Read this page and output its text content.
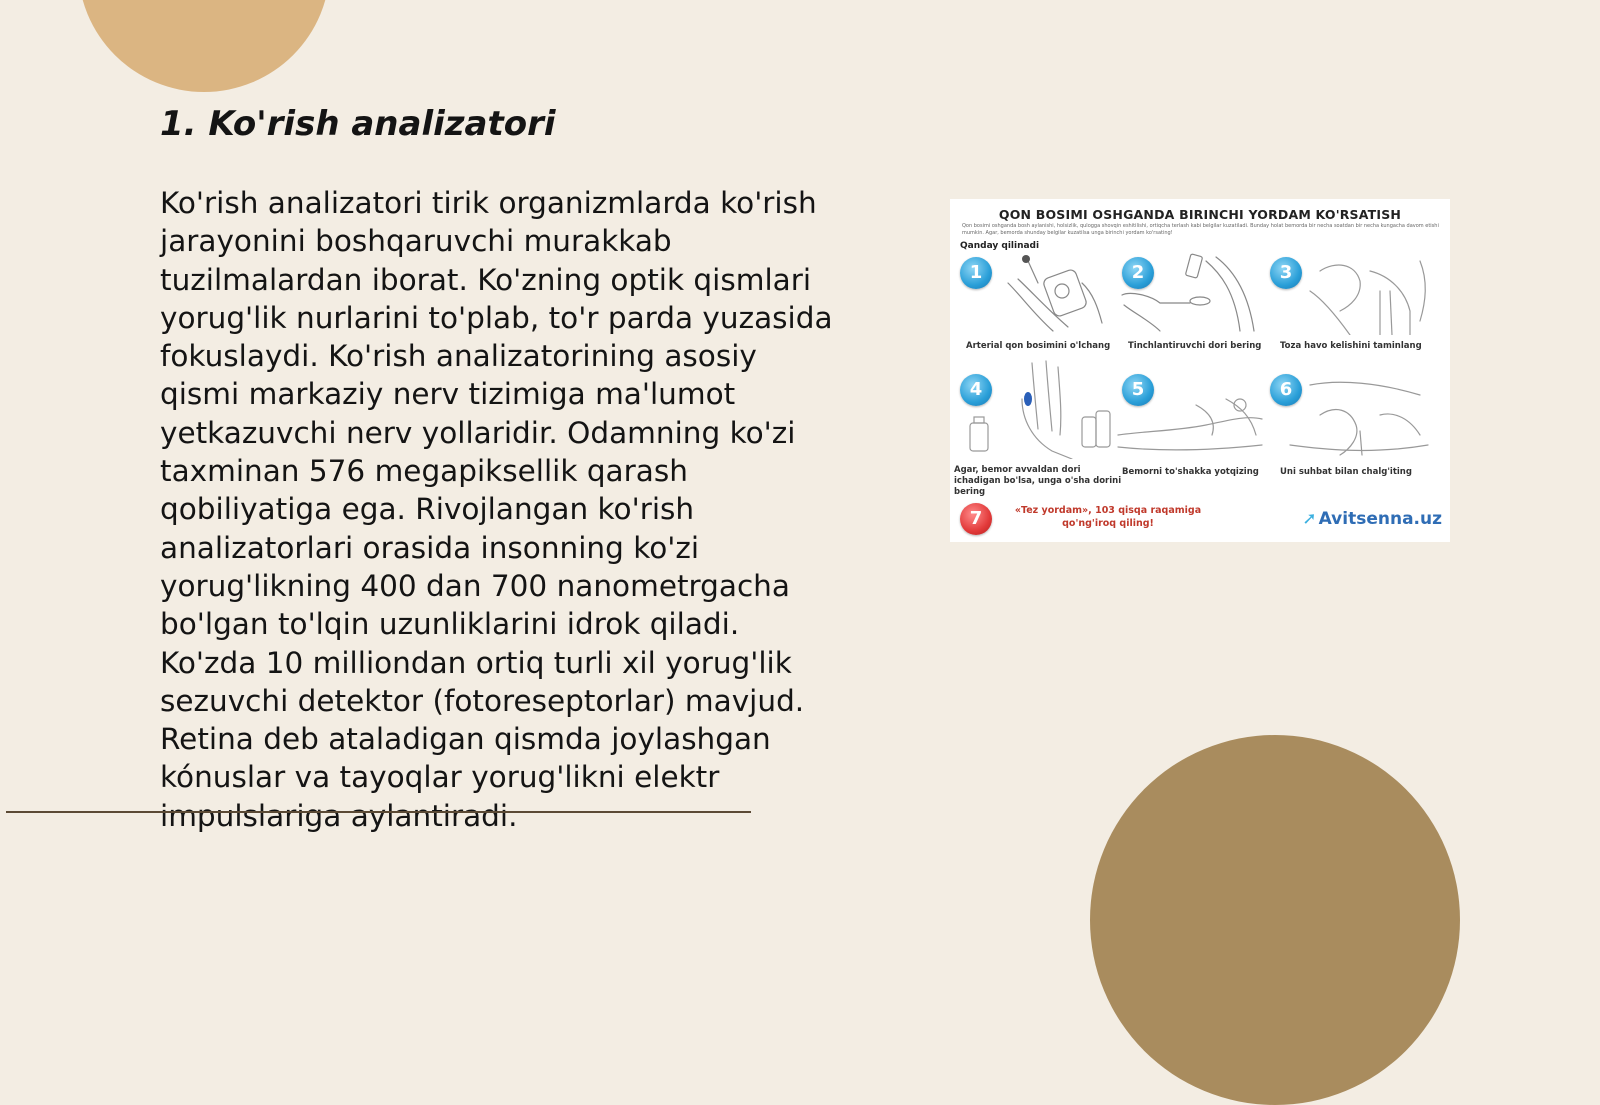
1. Ko'rish analizatori

Ko'rish analizatori tirik organizmlarda ko'rish
jarayonini boshqaruvchi murakkab
tuzilmalardan iborat. Ko'zning optik qismlari
yorug'lik nurlarini to'plab, to'r parda yuzasida
fokuslaydi. Ko'rish analizatorining asosiy
qismi markaziy nerv tizimiga ma'lumot
yetkazuvchi nerv yollaridir. Odamning ko'zi
taxminan 576 megapiksellik qarash
qobiliyatiga ega. Rivojlangan ko'rish
analizatorlari orasida insonning ko'zi
yorug'likning 400 dan 700 nanometrgacha
bo'lgan to'lqin uzunliklarini idrok qiladi.
Ko'zda 10 milliondan ortiq turli xil yorug'lik
sezuvchi detektor (fotoreseptorlar) mavjud.
Retina deb ataladigan qismda joylashgan
kónuslar va tayoqlar yorug'likni elektr
impulslariga aylantiradi.

QON BOSIMI OSHGANDA BIRINCHI YORDAM KO'RSATISH
Qon bosimi oshganda bosh aylanishi, holsizlik, qulogga shovqin eshitilishi, ortiqcha terlash kabi belgilar kuzatiladi. Bunday holat bemorda bir necha soatdan bir necha kungacha davom etishi mumkin. Agar, bemorda shunday belgilar kuzatilsa unga birinchi yordam ko'rsating!
Qanday qilinadi
1
Arterial qon bosimini o'lchang
2
Tinchlantiruvchi dori bering
3
Toza havo kelishini taminlang
4
Agar, bemor avvaldan dori ichadigan bo'lsa, unga o'sha dorini bering
5
Bemorni to'shakka yotqizing
6
Uni suhbat bilan chalg'iting
7	«Tez yordam», 103 qisqa raqamiga qo'ng'iroq qiling!	➚ Avitsenna.uz
